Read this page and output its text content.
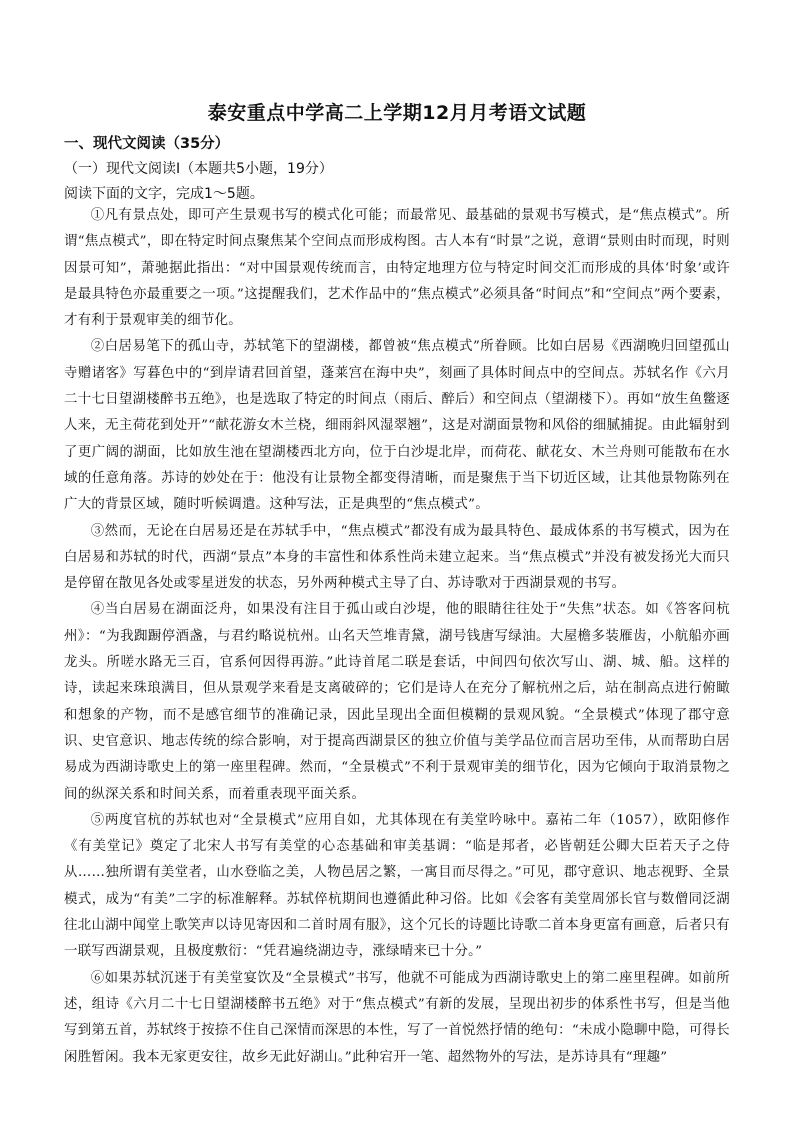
泰安重点中学高二上学期12月月考语文试题
一、现代文阅读（35分）
（一）现代文阅读Ⅰ（本题共5小题，19分）
阅读下面的文字，完成1～5题。

①凡有景点处，即可产生景观书写的模式化可能；而最常见、最基础的景观书写模式，是“焦点模式”。所谓“焦点模式”，即在特定时间点聚焦某个空间点而形成构图。古人本有“时景”之说，意谓“景则由时而现，时则因景可知”，萧驰据此指出：“对中国景观传统而言，由特定地理方位与特定时间交汇而形成的具体‘时象’或许是最具特色亦最重要之一项。”这提醒我们，艺术作品中的“焦点模式”必须具备“时间点”和“空间点”两个要素，才有利于景观审美的细节化。

②白居易笔下的孤山寺，苏轼笔下的望湖楼，都曾被“焦点模式”所眷顾。比如白居易《西湖晚归回望孤山寺赠诸客》写暮色中的“到岸请君回首望，蓬莱宫在海中央”，刻画了具体时间点中的空间点。苏轼名作《六月二十七日望湖楼醉书五绝》，也是选取了特定的时间点（雨后、醉后）和空间点（望湖楼下）。再如“放生鱼鳖逐人来，无主荷花到处开”“献花游女木兰桡，细雨斜风湿翠翘”，这是对湖面景物和风俗的细腻捕捉。由此辐射到了更广阔的湖面，比如放生池在望湖楼西北方向，位于白沙堤北岸，而荷花、献花女、木兰舟则可能散布在水域的任意角落。苏诗的妙处在于：他没有让景物全都变得清晰，而是聚焦于当下切近区域，让其他景物陈列在广大的背景区域，随时听候调遣。这种写法，正是典型的“焦点模式”。

③然而，无论在白居易还是在苏轼手中，“焦点模式”都没有成为最具特色、最成体系的书写模式，因为在白居易和苏轼的时代，西湖“景点”本身的丰富性和体系性尚未建立起来。当“焦点模式”并没有被发扬光大而只是停留在散见各处或零星迸发的状态，另外两种模式主导了白、苏诗歌对于西湖景观的书写。

④当白居易在湖面泛舟，如果没有注目于孤山或白沙堤，他的眼睛往往处于“失焦”状态。如《答客问杭州》：“为我踟蹰停酒盏，与君约略说杭州。山名天竺堆青黛，湖号钱唐写绿油。大屋檐多装雁齿，小航船亦画龙头。所嗟水路无三百，官系何因得再游。”此诗首尾二联是套话，中间四句依次写山、湖、城、船。这样的诗，读起来珠琅满目，但从景观学来看是支离破碎的；它们是诗人在充分了解杭州之后，站在制高点进行俯瞰和想象的产物，而不是感官细节的准确记录，因此呈现出全面但模糊的景观风貌。“全景模式”体现了郡守意识、史官意识、地志传统的综合影响，对于提高西湖景区的独立价值与美学品位而言居功至伟，从而帮助白居易成为西湖诗歌史上的第一座里程碑。然而，“全景模式”不利于景观审美的细节化，因为它倾向于取消景物之间的纵深关系和时间关系，而着重表现平面关系。

⑤两度官杭的苏轼也对“全景模式”应用自如，尤其体现在有美堂吟咏中。嘉祐二年（1057），欧阳修作《有美堂记》奠定了北宋人书写有美堂的心态基础和审美基调：“临是邦者，必皆朝廷公卿大臣若天子之侍从……独所谓有美堂者，山水登临之美，人物邑居之繁，一寓目而尽得之。”可见，郡守意识、地志视野、全景模式，成为“有美”二字的标准解释。苏轼倅杭期间也遵循此种习俗。比如《会客有美堂周邠长官与数僧同泛湖往北山湖中闻堂上歌笑声以诗见寄因和二首时周有服》，这个冗长的诗题比诗歌二首本身更富有画意，后者只有一联写西湖景观，且极度敷衍：“凭君遍绕湖边寺，涨绿晴来已十分。”

⑥如果苏轼沉迷于有美堂宴饮及“全景模式”书写，他就不可能成为西湖诗歌史上的第二座里程碑。如前所述，组诗《六月二十七日望湖楼醉书五绝》对于“焦点模式”有新的发展，呈现出初步的体系性书写，但是当他写到第五首，苏轼终于按捺不住自己深情而深思的本性，写了一首悦然抒情的绝句：“未成小隐聊中隐，可得长闲胜暂闲。我本无家更安往，故乡无此好湖山。”此种宕开一笔、超然物外的写法，是苏诗具有“理趣”
